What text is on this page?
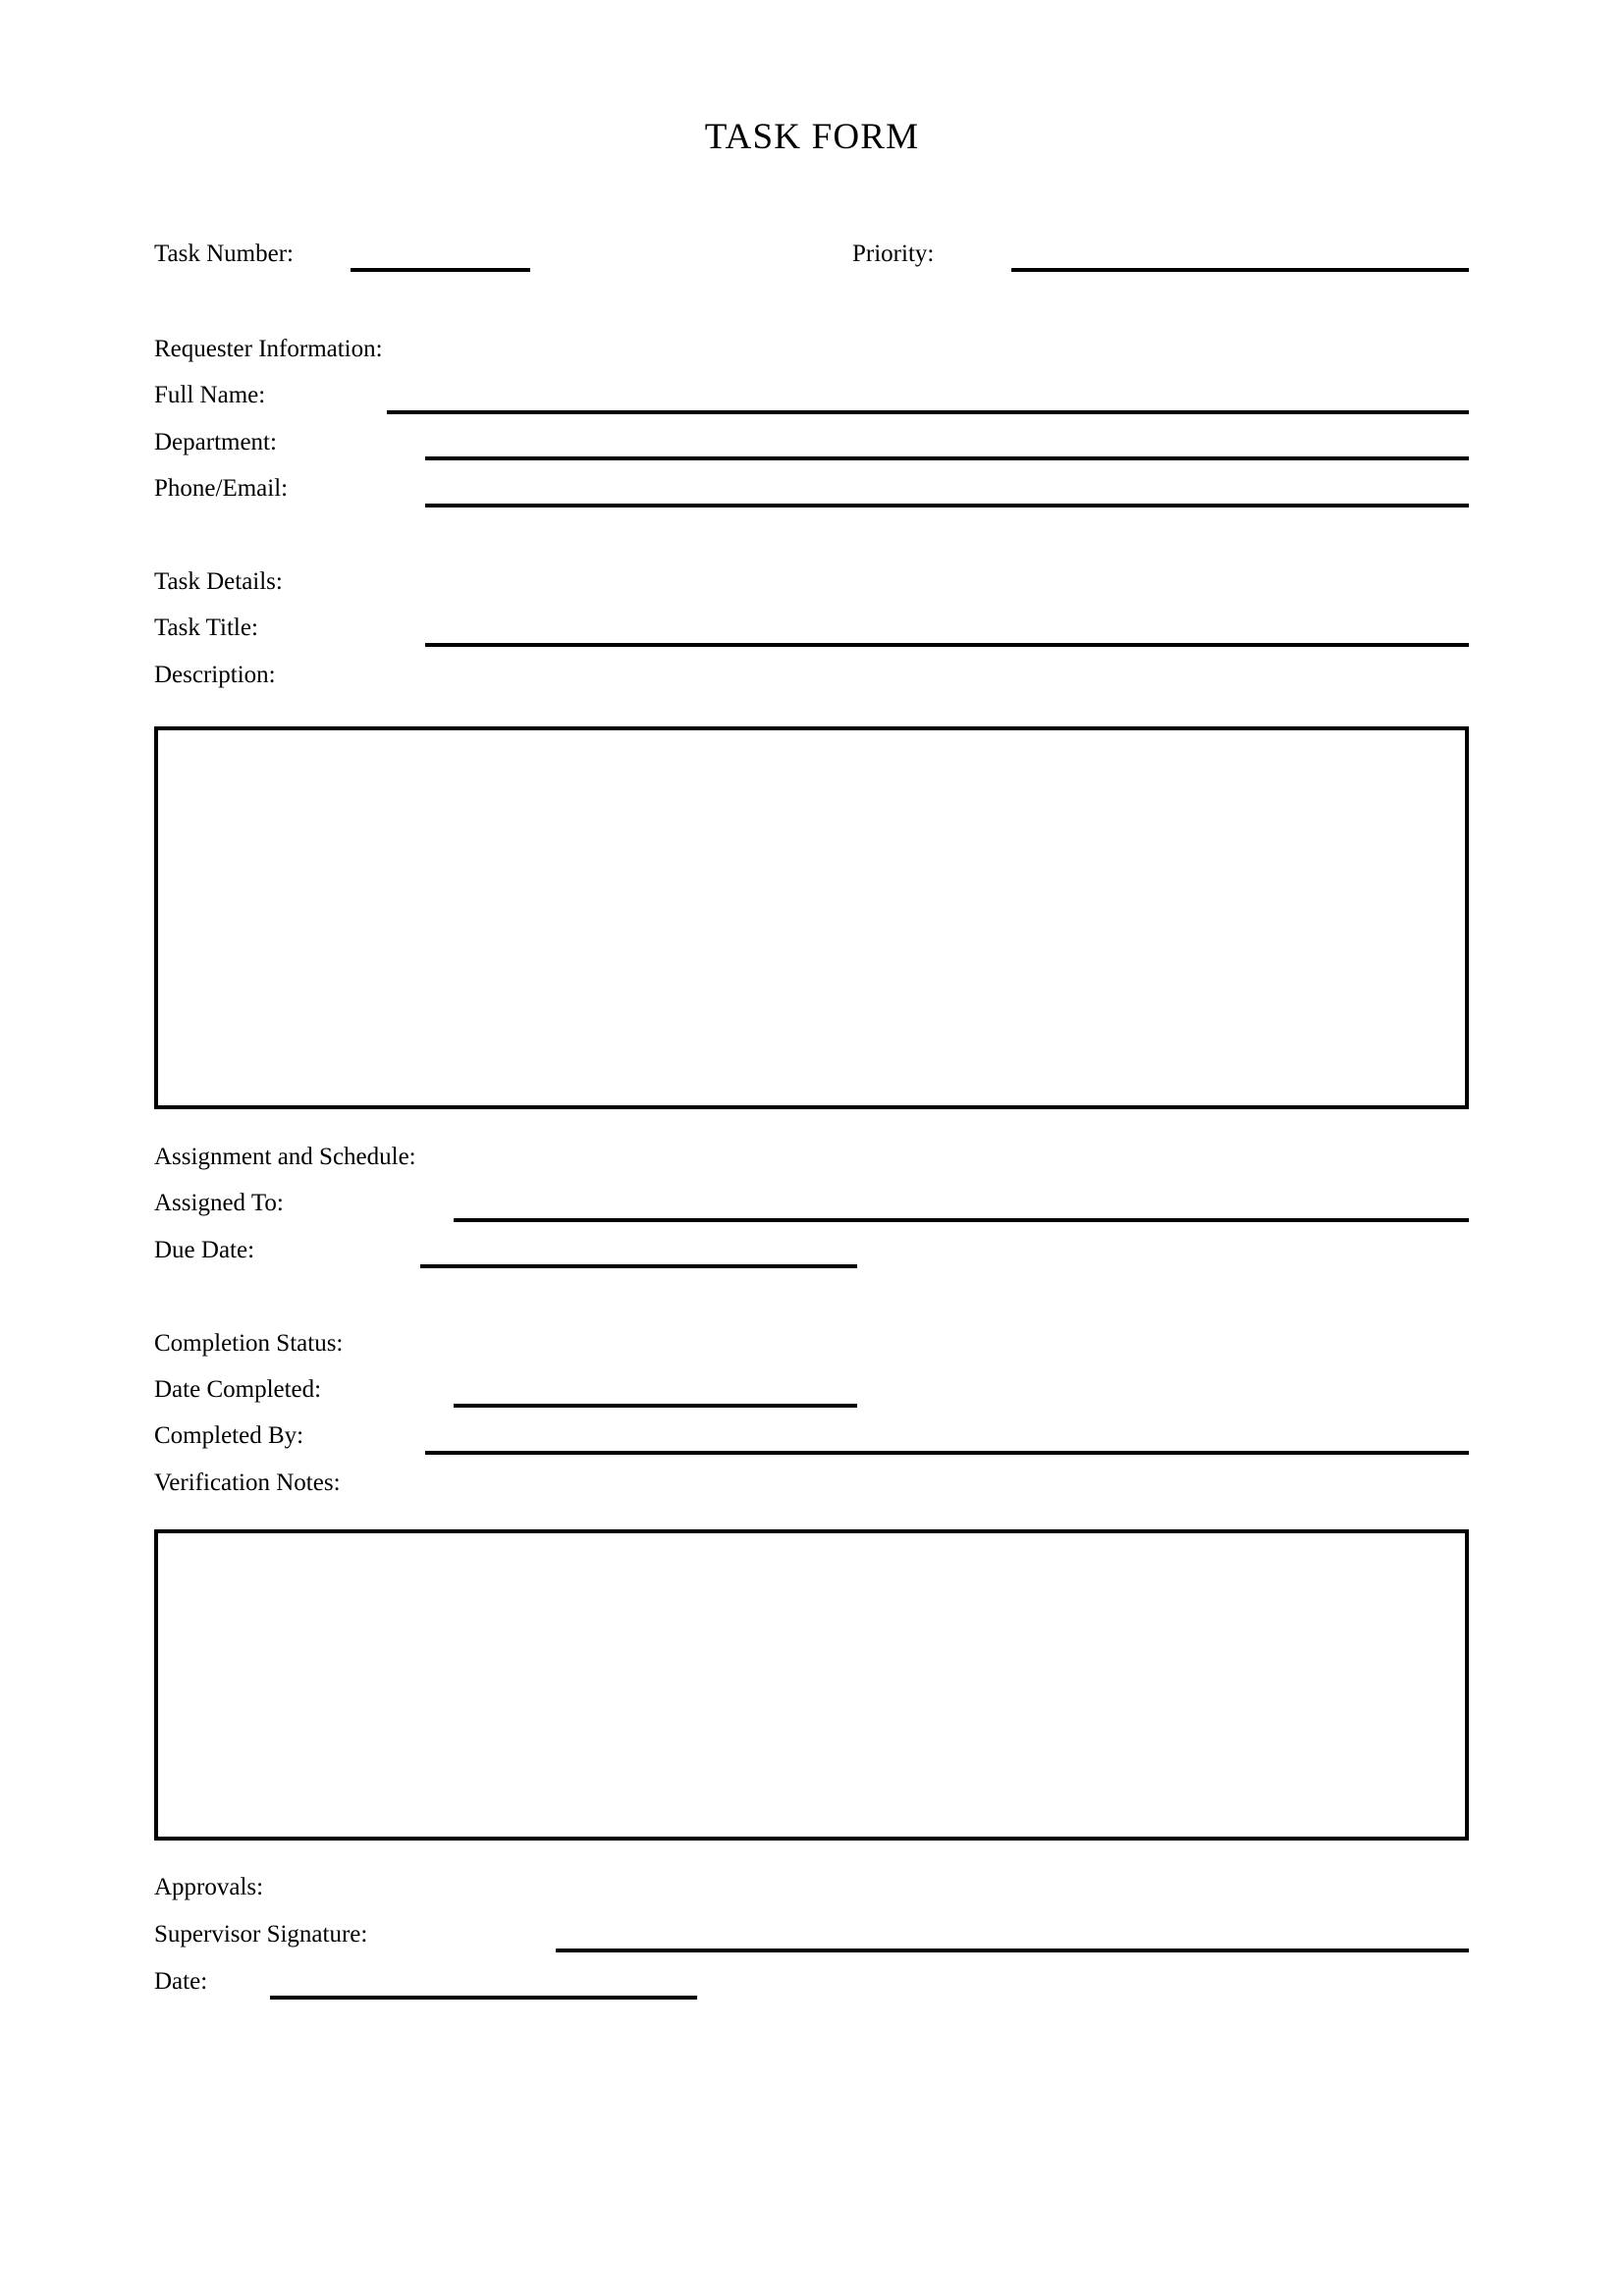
TASK FORM
Task Number:	Priority:
Requester Information:
Full Name:
Department:
Phone/Email:
Task Details:
Task Title:
Description:
Assignment and Schedule:
Assigned To:
Due Date:
Completion Status:
Date Completed:
Completed By:
Verification Notes:
Approvals:
Supervisor Signature:
Date:
